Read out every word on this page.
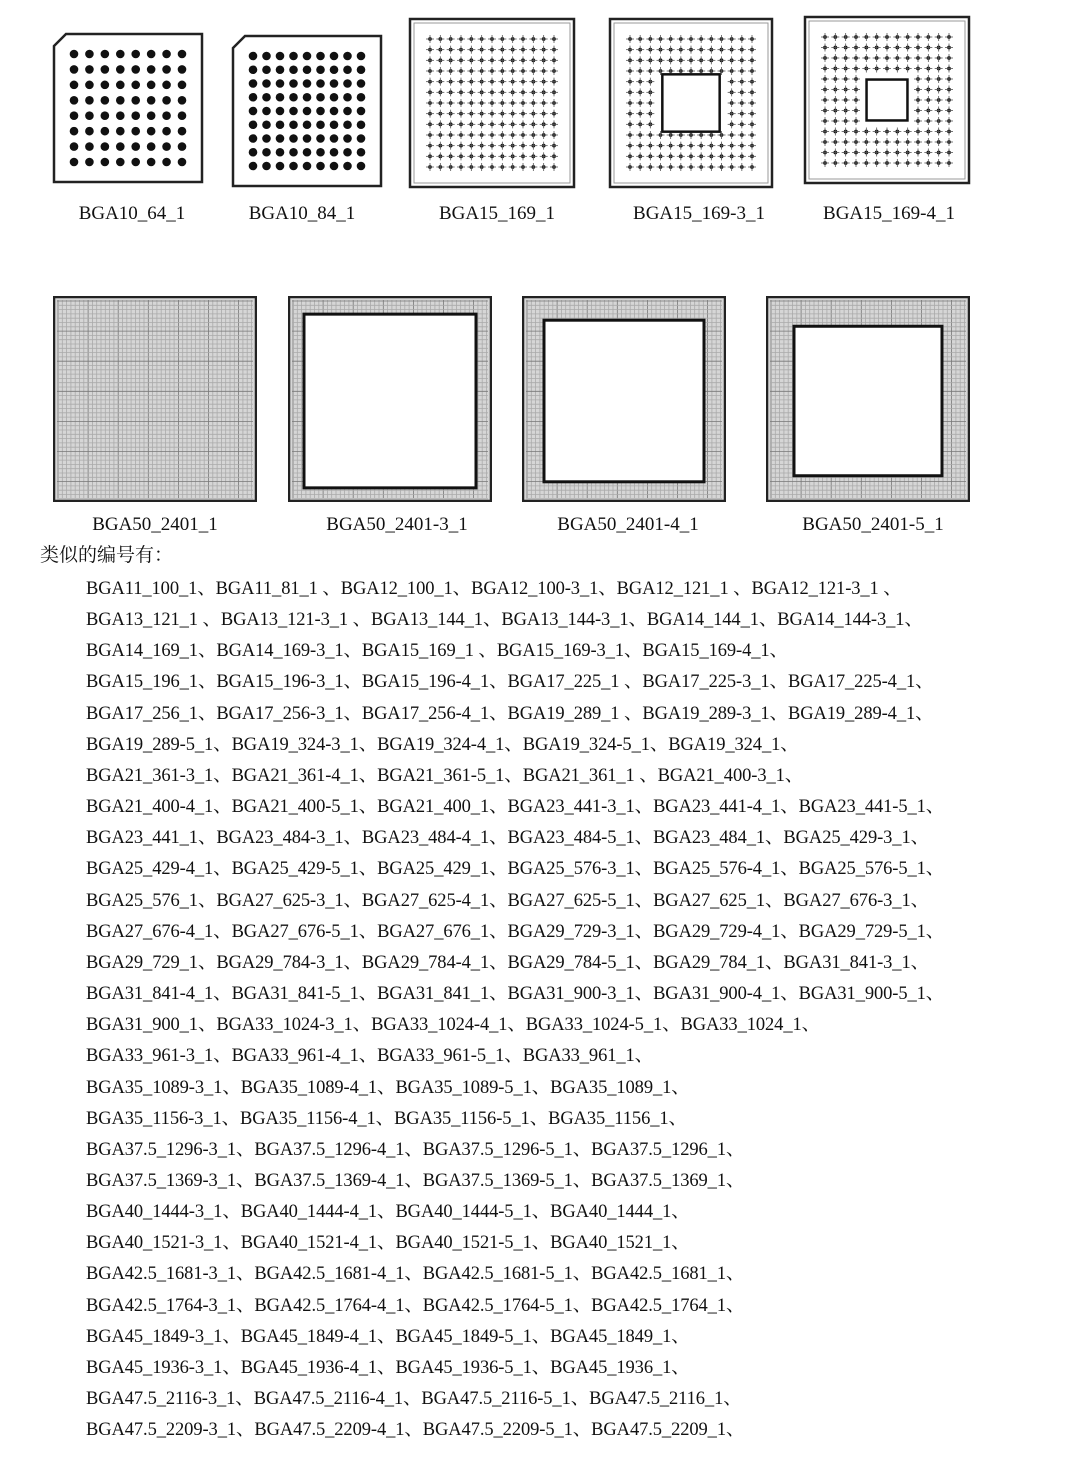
BGA10_64_1	BGA10_84_1	BGA15_169_1	BGA15_169-3_1	BGA15_169-4_1
BGA50_2401_1	BGA50_2401-3_1	BGA50_2401-4_1	BGA50_2401-5_1
类似的编号有：
BGA11_100_1、BGA11_81_1 、BGA12_100_1、BGA12_100-3_1、BGA12_121_1 、BGA12_121-3_1 、
BGA13_121_1 、BGA13_121-3_1 、BGA13_144_1、BGA13_144-3_1、BGA14_144_1、BGA14_144-3_1、
BGA14_169_1、BGA14_169-3_1、BGA15_169_1 、BGA15_169-3_1、BGA15_169-4_1、
BGA15_196_1、BGA15_196-3_1、BGA15_196-4_1、BGA17_225_1 、BGA17_225-3_1、BGA17_225-4_1、
BGA17_256_1、BGA17_256-3_1、BGA17_256-4_1、BGA19_289_1 、BGA19_289-3_1、BGA19_289-4_1、
BGA19_289-5_1、BGA19_324-3_1、BGA19_324-4_1、BGA19_324-5_1、BGA19_324_1、
BGA21_361-3_1、BGA21_361-4_1、BGA21_361-5_1、BGA21_361_1 、BGA21_400-3_1、
BGA21_400-4_1、BGA21_400-5_1、BGA21_400_1、BGA23_441-3_1、BGA23_441-4_1、BGA23_441-5_1、
BGA23_441_1、BGA23_484-3_1、BGA23_484-4_1、BGA23_484-5_1、BGA23_484_1、BGA25_429-3_1、
BGA25_429-4_1、BGA25_429-5_1、BGA25_429_1、BGA25_576-3_1、BGA25_576-4_1、BGA25_576-5_1、
BGA25_576_1、BGA27_625-3_1、BGA27_625-4_1、BGA27_625-5_1、BGA27_625_1、BGA27_676-3_1、
BGA27_676-4_1、BGA27_676-5_1、BGA27_676_1、BGA29_729-3_1、BGA29_729-4_1、BGA29_729-5_1、
BGA29_729_1、BGA29_784-3_1、BGA29_784-4_1、BGA29_784-5_1、BGA29_784_1、BGA31_841-3_1、
BGA31_841-4_1、BGA31_841-5_1、BGA31_841_1、BGA31_900-3_1、BGA31_900-4_1、BGA31_900-5_1、
BGA31_900_1、BGA33_1024-3_1、BGA33_1024-4_1、BGA33_1024-5_1、BGA33_1024_1、
BGA33_961-3_1、BGA33_961-4_1、BGA33_961-5_1、BGA33_961_1、
BGA35_1089-3_1、BGA35_1089-4_1、BGA35_1089-5_1、BGA35_1089_1、
BGA35_1156-3_1、BGA35_1156-4_1、BGA35_1156-5_1、BGA35_1156_1、
BGA37.5_1296-3_1、BGA37.5_1296-4_1、BGA37.5_1296-5_1、BGA37.5_1296_1、
BGA37.5_1369-3_1、BGA37.5_1369-4_1、BGA37.5_1369-5_1、BGA37.5_1369_1、
BGA40_1444-3_1、BGA40_1444-4_1、BGA40_1444-5_1、BGA40_1444_1、
BGA40_1521-3_1、BGA40_1521-4_1、BGA40_1521-5_1、BGA40_1521_1、
BGA42.5_1681-3_1、BGA42.5_1681-4_1、BGA42.5_1681-5_1、BGA42.5_1681_1、
BGA42.5_1764-3_1、BGA42.5_1764-4_1、BGA42.5_1764-5_1、BGA42.5_1764_1、
BGA45_1849-3_1、BGA45_1849-4_1、BGA45_1849-5_1、BGA45_1849_1、
BGA45_1936-3_1、BGA45_1936-4_1、BGA45_1936-5_1、BGA45_1936_1、
BGA47.5_2116-3_1、BGA47.5_2116-4_1、BGA47.5_2116-5_1、BGA47.5_2116_1、
BGA47.5_2209-3_1、BGA47.5_2209-4_1、BGA47.5_2209-5_1、BGA47.5_2209_1、
